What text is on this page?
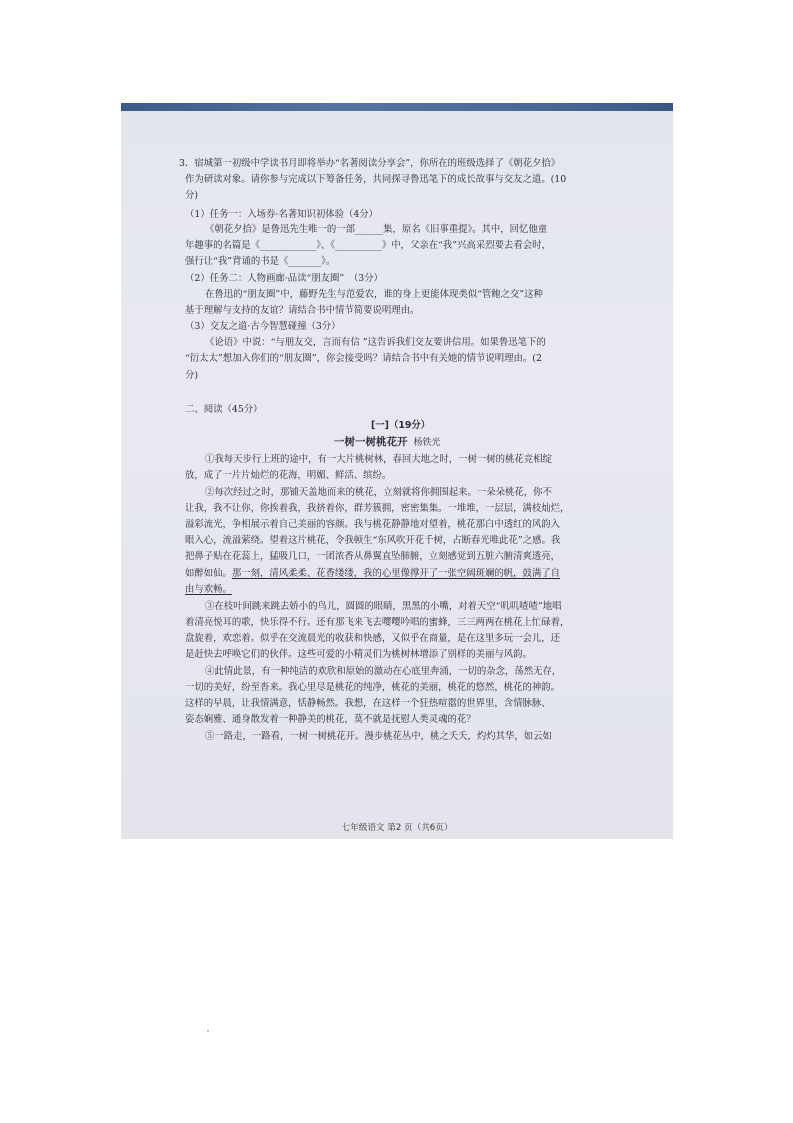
3．宿城第一初级中学读书月即将举办“名著阅读分享会”，你所在的班级选择了《朝花夕拾》
作为研读对象。请你参与完成以下筹备任务，共同探寻鲁迅笔下的成长故事与交友之道。(10
分)
（1）任务一：入场券·名著知识初体验（4分）
《朝花夕拾》是鲁迅先生唯一的一部______集，原名《旧事重提》。其中，回忆他童
年趣事的名篇是《____________》、《__________》中，父亲在“我”兴高采烈要去看会时，
强行让“我”背诵的书是《_______》。
（2）任务二：人物画廊·品读“朋友圈”　（3分）
在鲁迅的“朋友圈”中，藤野先生与范爱农，谁的身上更能体现类似“管鲍之交”这种
基于理解与支持的友谊？请结合书中情节简要说明理由。
（3）交友之道·古今智慧碰撞（3分）
《论语》中说：“与朋友交，言而有信 ”这告诉我们交友要讲信用。如果鲁迅笔下的
“衍太太”想加入你们的“朋友圈”，你会接受吗？请结合书中有关她的情节说明理由。(2
分)
二、阅读（45分）
[一]（19分）
一树一树桃花开 杨铁光
①我每天步行上班的途中，有一大片桃树林，春回大地之时，一树一树的桃花竞相绽
放，成了一片片灿烂的花海，明媚、鲜活、缤纷。
②每次经过之时，那铺天盖地而来的桃花，立刻就将你拥围起来。一朵朵桃花，你不
让我，我不让你，你挨着我，我挤着你，群芳簇拥，密密集集。一堆堆，一层层，满枝灿烂，
溢彩流光，争相展示着自己美丽的容颜。我与桃花静静地对望着，桃花那白中透红的风韵入
眼入心，流溢萦绕。望着这片桃花，令我顿生“东风吹开花千树，占断春光唯此花”之感。我
把鼻子贴在花蕊上，猛吸几口，一团浓香从鼻翼直坠肺腑，立刻感觉到五脏六腑清爽透亮，
如醉如仙。那一刻，清风柔柔、花香缕缕，我的心里像撑开了一张空阔斑斓的帆，鼓满了自
由与欢畅。
③在枝叶间跳来跳去娇小的鸟儿，圆圆的眼睛，黑黑的小嘴，对着天空“叽叽喳喳”地唱
着清亮悦耳的歌，快乐得不行。还有那飞来飞去嘤嘤吟唱的蜜蜂，三三两两在桃花上忙碌着，
盘旋着，欢恋着。似乎在交流晨光的收获和快感，又似乎在商量，是在这里多玩一会儿，还
是赶快去呼唤它们的伙伴。这些可爱的小精灵们为桃树林增添了别样的美丽与风韵。
④此情此景，有一种纯洁的欢欣和原始的激动在心底里奔涌，一切的杂念，荡然无存，
一切的美好，纷至沓来。我心里尽是桃花的纯净，桃花的美丽，桃花的悠然，桃花的神韵。
这样的早晨，让我情满意，恬静畅然。我想，在这样一个狂热喧嚣的世界里，含情脉脉、
姿态娴雅、通身散发着一种静美的桃花，莫不就是抚慰人类灵魂的花？
⑤一路走，一路看，一树一树桃花开。漫步桃花丛中，桃之夭夭，灼灼其华，如云如
七年级语文 第2 页（共6页）
